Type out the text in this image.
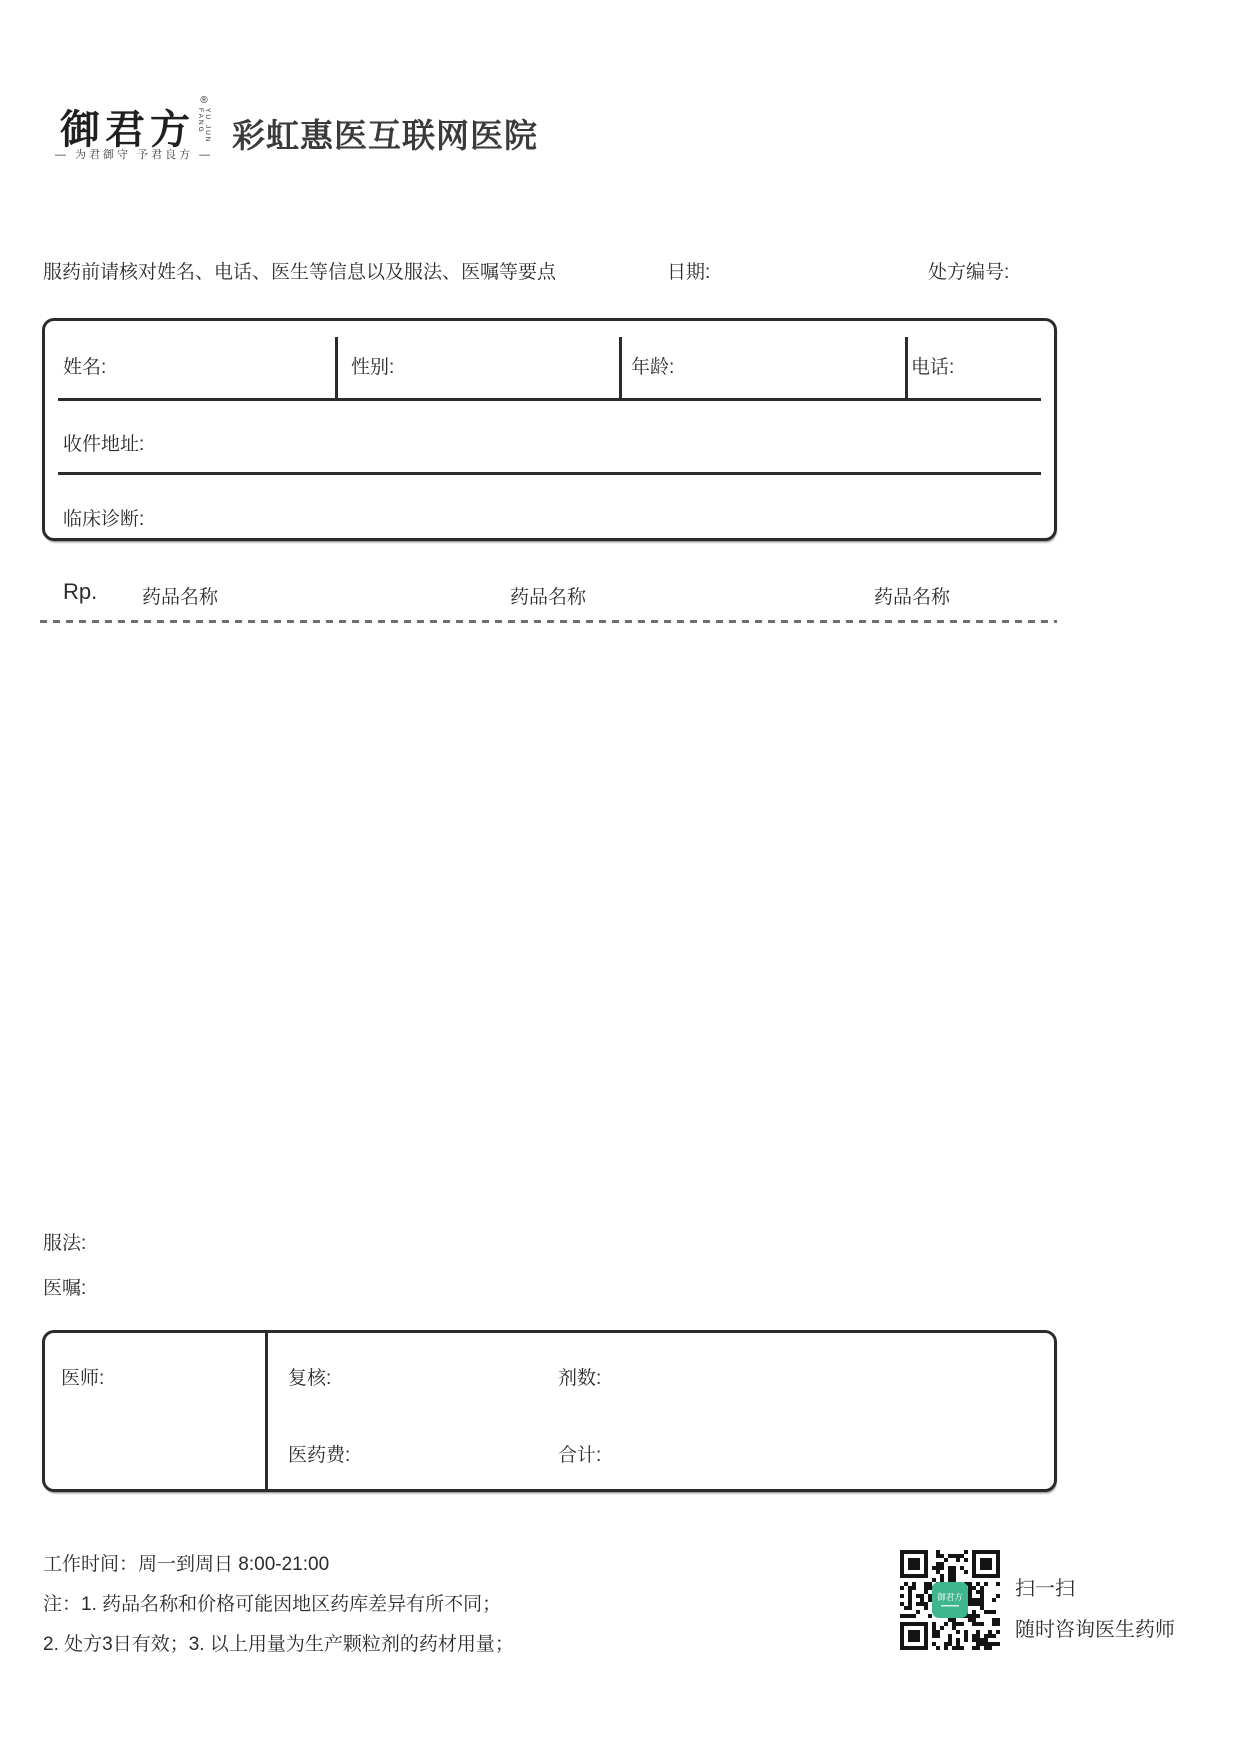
御君方
®
YU JUN FANG
— 为君御守 予君良方 —
彩虹惠医互联网医院
服药前请核对姓名、电话、医生等信息以及服法、医嘱等要点	日期:	处方编号:
姓名:	性别:	年龄:	电话:
收件地址:
临床诊断:
Rp. 药品名称	药品名称	药品名称
服法:
医嘱:
医师:	复核:	剂数:
医药费:	合计:
工作时间：周一到周日 8:00-21:00
注：1. 药品名称和价格可能因地区药库差异有所不同；
2. 处方3日有效；3. 以上用量为生产颗粒剂的药材用量；
御君方	扫一扫
随时咨询医生药师
